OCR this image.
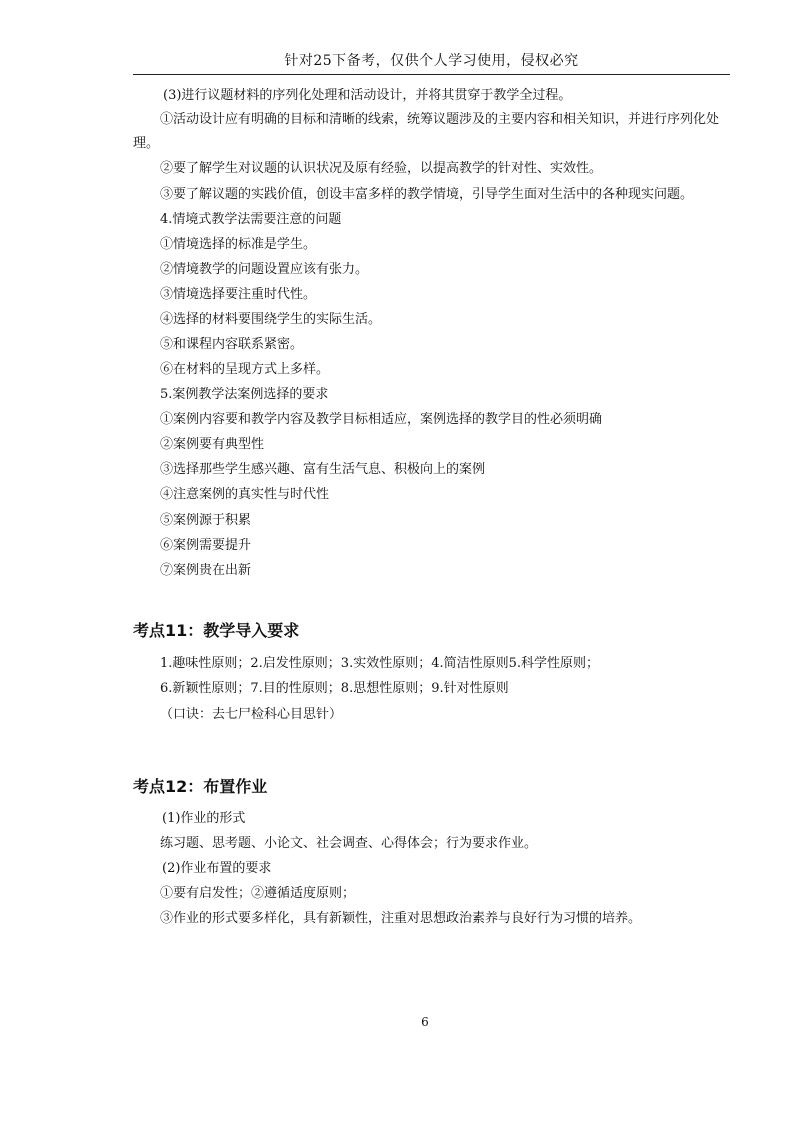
针对25下备考，仅供个人学习使用，侵权必究
(3)进行议题材料的序列化处理和活动设计，并将其贯穿于教学全过程。
①活动设计应有明确的目标和清晰的线索，统筹议题涉及的主要内容和相关知识，并进行序列化处
理。
②要了解学生对议题的认识状况及原有经验，以提高教学的针对性、实效性。
③要了解议题的实践价值，创设丰富多样的教学情境，引导学生面对生活中的各种现实问题。
4.情境式教学法需要注意的问题
①情境选择的标准是学生。
②情境教学的问题设置应该有张力。
③情境选择要注重时代性。
④选择的材料要围绕学生的实际生活。
⑤和课程内容联系紧密。
⑥在材料的呈现方式上多样。
5.案例教学法案例选择的要求
①案例内容要和教学内容及教学目标相适应，案例选择的教学目的性必须明确
②案例要有典型性
③选择那些学生感兴趣、富有生活气息、积极向上的案例
④注意案例的真实性与时代性
⑤案例源于积累
⑥案例需要提升
⑦案例贵在出新
考点11：教学导入要求
1.趣味性原则；2.启发性原则；3.实效性原则；4.简洁性原则5.科学性原则；
6.新颖性原则；7.目的性原则；8.思想性原则；9.针对性原则
（口诀：去七尸检科心目思针）
考点12：布置作业
(1)作业的形式
练习题、思考题、小论文、社会调查、心得体会；行为要求作业。
(2)作业布置的要求
①要有启发性；②遵循适度原则；
③作业的形式要多样化，具有新颖性，注重对思想政治素养与良好行为习惯的培养。
6
